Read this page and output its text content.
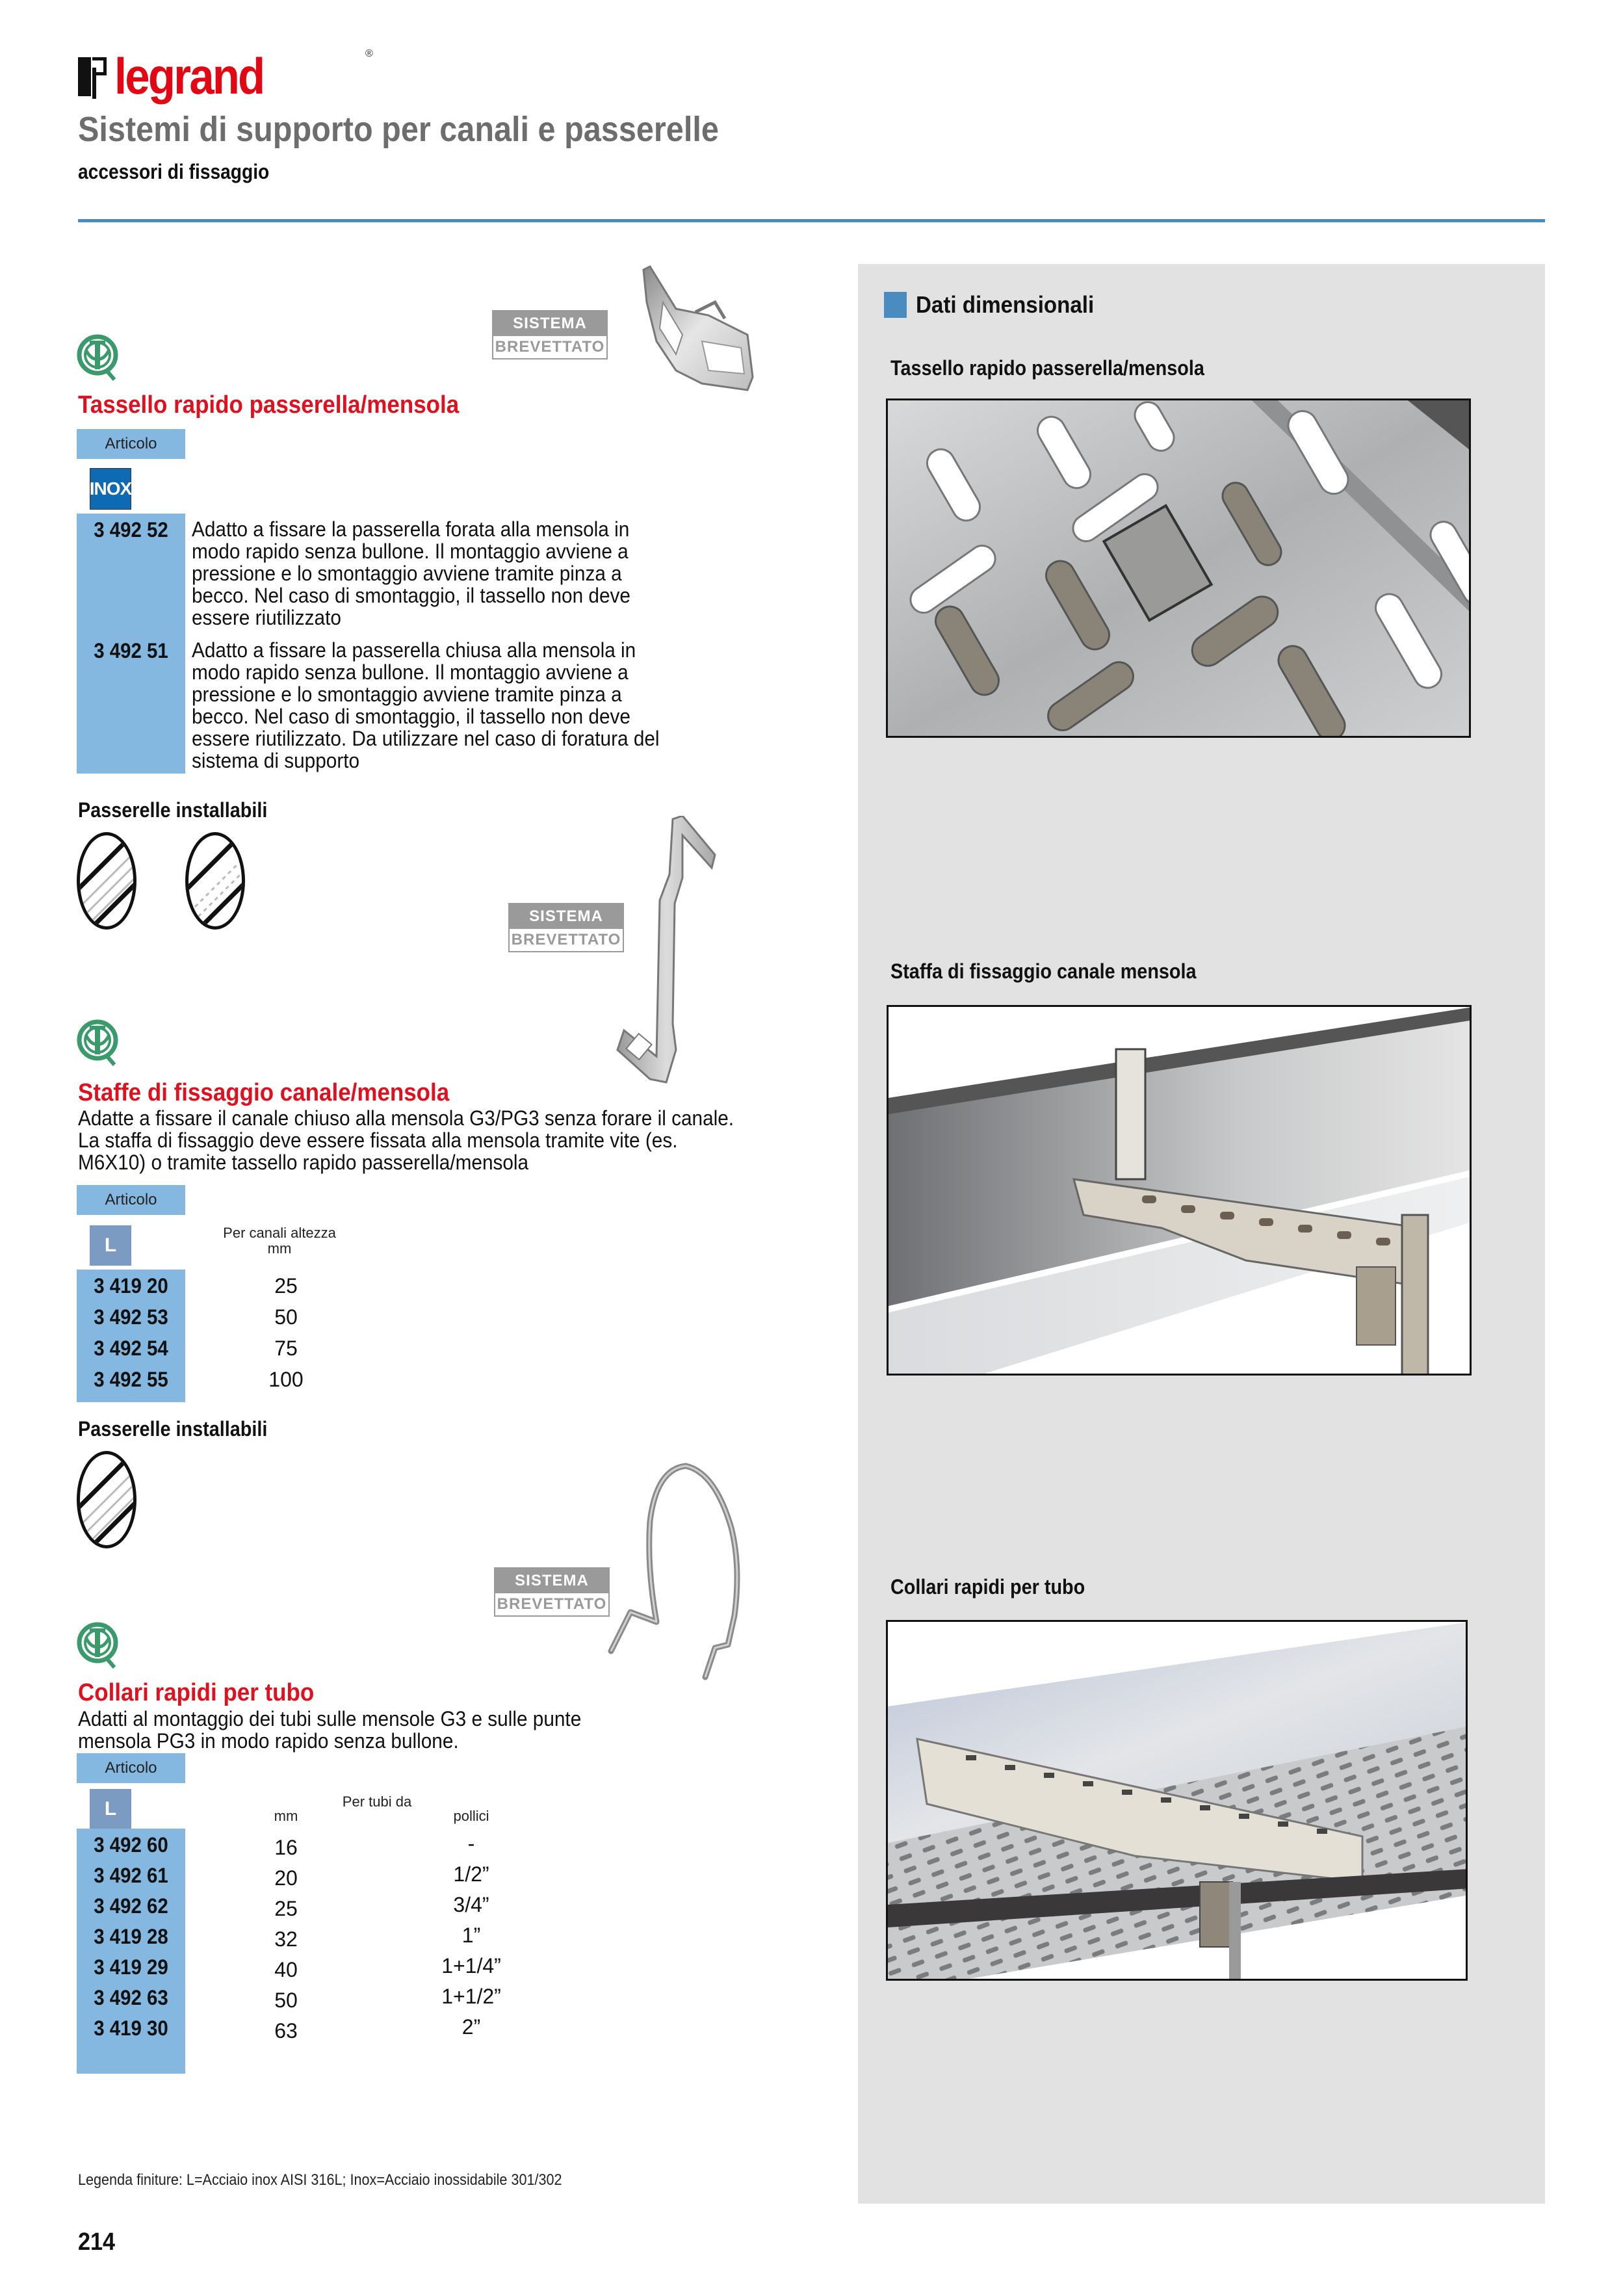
legrand	®
Sistemi di supporto per canali e passerelle
accessori di fissaggio
SISTEMA
BREVETTATO
Tassello rapido passerella/mensola
Articolo
INOX
3 492 52	Adatto a fissare la passerella forata alla mensola in modo rapido senza bullone. Il montaggio avviene a pressione e lo smontaggio avviene tramite pinza a becco. Nel caso di smontaggio, il tassello non deve essere riutilizzato
3 492 51	Adatto a fissare la passerella chiusa alla mensola in modo rapido senza bullone. Il montaggio avviene a pressione e lo smontaggio avviene tramite pinza a becco. Nel caso di smontaggio, il tassello non deve essere riutilizzato. Da utilizzare nel caso di foratura del sistema di supporto
Passerelle installabili
SISTEMA
BREVETTATO
Staffe di fissaggio canale/mensola
Adatte a fissare il canale chiuso alla mensola G3/PG3 senza forare il canale. La staffa di fissaggio deve essere fissata alla mensola tramite vite (es. M6X10) o tramite tassello rapido passerella/mensola
Articolo
L
Per canali altezza mm
3 419 20	25
3 492 53	50
3 492 54	75
3 492 55	100
Passerelle installabili
SISTEMA
BREVETTATO
Collari rapidi per tubo
Adatti al montaggio dei tubi sulle mensole G3 e sulle punte mensola PG3 in modo rapido senza bullone.
Articolo
L	Per tubi da
mm	pollici
3 492 60	16	-
3 492 61	20	1/2”
3 492 62	25	3/4”
3 419 28	32	1”
3 419 29	40	1+1/4”
3 492 63	50	1+1/2”
3 419 30	63	2”
Dati dimensionali
Tassello rapido passerella/mensola
Staffa di fissaggio canale mensola
Collari rapidi per tubo
Legenda finiture: L=Acciaio inox AISI 316L; Inox=Acciaio inossidabile 301/302
214
